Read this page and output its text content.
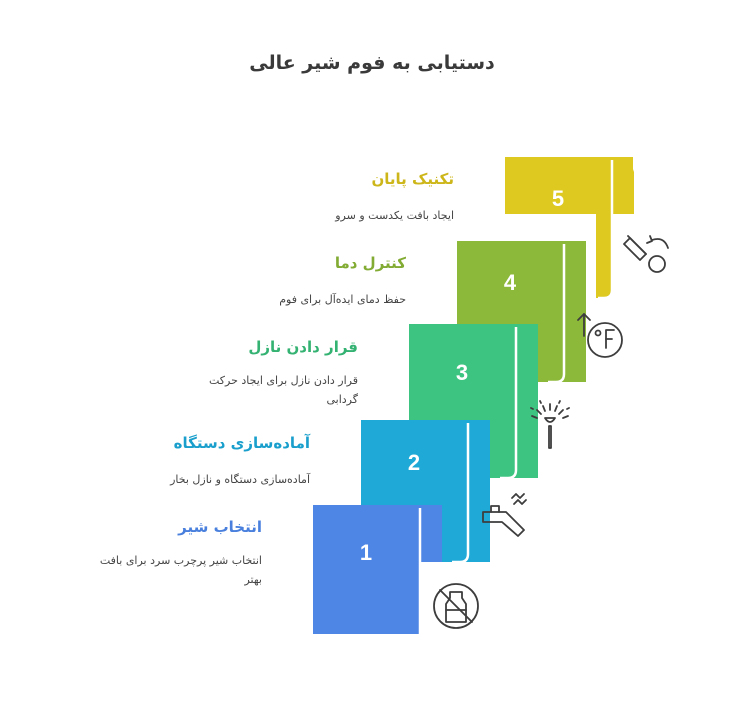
دستیابی به فوم شیر عالی
5
4
3
2
1
تکنیک پایان
ایجاد بافت یکدست و سرو
کنترل دما
حفظ دمای ایده‌آل برای فوم
قرار دادن نازل
قرار دادن نازل برای ایجاد حرکت گردابی
آماده‌سازی دستگاه
آماده‌سازی دستگاه و نازل بخار
انتخاب شیر
انتخاب شیر پرچرب سرد برای بافت بهتر
